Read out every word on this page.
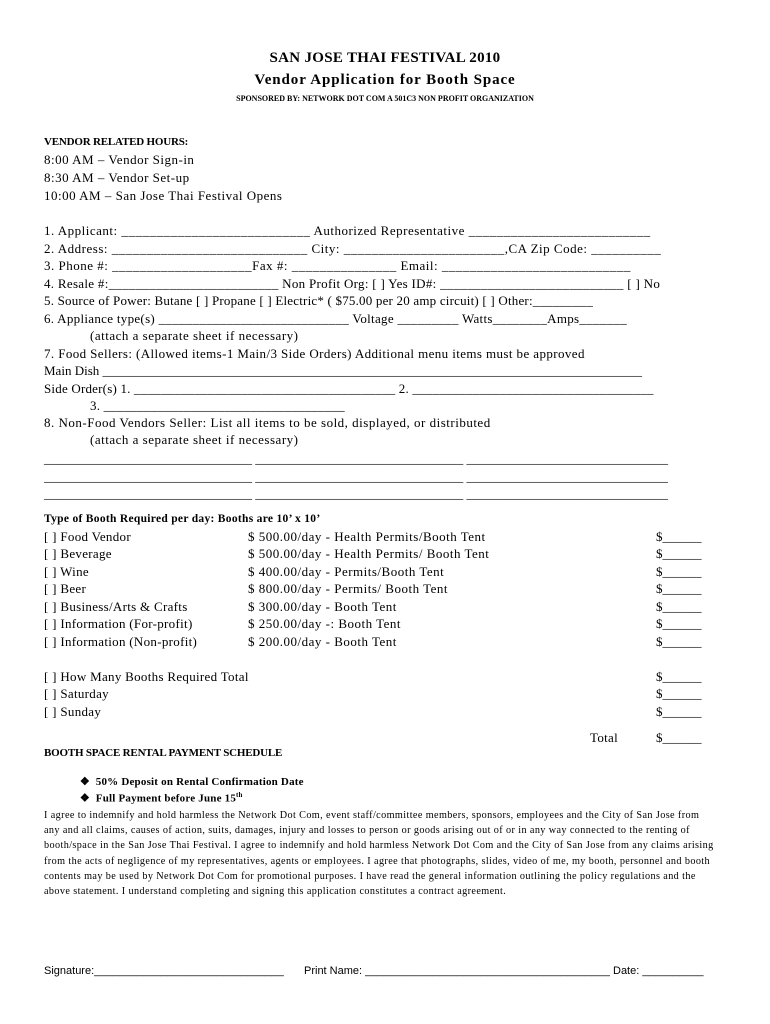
SAN JOSE THAI FESTIVAL 2010
Vendor Application for Booth Space
SPONSORED BY: NETWORK DOT COM A 501C3 NON PROFIT ORGANIZATION
VENDOR RELATED HOURS:
8:00 AM – Vendor Sign-in
8:30 AM – Vendor Set-up
10:00 AM – San Jose Thai Festival Opens
1. Applicant: ___________________________ Authorized Representative __________________________
2. Address: ____________________________ City: _______________________,CA Zip Code: __________
3. Phone #: ____________________Fax #: _______________ Email: ___________________________
4. Resale #:_________________________ Non Profit Org: [ ] Yes ID#: ___________________________ [ ] No
5. Source of Power: Butane [ ] Propane [ ] Electric* ( $75.00 per 20 amp circuit) [ ] Other:_________
6. Appliance type(s) ____________________________ Voltage _________ Watts________Amps_______
(attach a separate sheet if necessary)
7. Food Sellers: (Allowed items-1 Main/3 Side Orders) Additional menu items must be approved
Main Dish ___________________________________________________________________________________
Side Order(s) 1. _______________________________________ 2. ____________________________________
3. ____________________________________
8. Non-Food Vendors Seller: List all items to be sold, displayed, or distributed
(attach a separate sheet if necessary)
________________________________ ________________________________ _______________________________
________________________________ ________________________________ _______________________________
________________________________ ________________________________ _______________________________
Type of Booth Required per day: Booths are 10’ x 10’
[ ] Food Vendor	$ 500.00/day - Health Permits/Booth Tent	$______
[ ] Beverage	$ 500.00/day - Health Permits/ Booth Tent	$______
[ ] Wine	$ 400.00/day - Permits/Booth Tent	$______
[ ] Beer	$ 800.00/day - Permits/ Booth Tent	$______
[ ] Business/Arts & Crafts	$ 300.00/day - Booth Tent	$______
[ ] Information (For-profit)	$ 250.00/day -: Booth Tent	$______
[ ] Information (Non-profit)	$ 200.00/day - Booth Tent	$______
[ ] How Many Booths Required Total	$______
[ ] Saturday	$______
[ ] Sunday	$______
Total	$______
BOOTH SPACE RENTAL PAYMENT SCHEDULE

❖ 50% Deposit on Rental Confirmation Date

❖ Full Payment before June 15th

I agree to indemnify and hold harmless the Network Dot Com, event staff/committee members, sponsors, employees and the City of San Jose from any and all claims, causes of action, suits, damages, injury and losses to person or goods arising out of or in any way connected to the renting of booth/space in the San Jose Thai Festival. I agree to indemnify and hold harmless Network Dot Com and the City of San Jose from any claims arising from the acts of negligence of my representatives, agents or employees. I agree that photographs, slides, video of me, my booth, personnel and booth contents may be used by Network Dot Com for promotional purposes. I have read the general information outlining the policy regulations and the above statement. I understand completing and signing this application constitutes a contract agreement.
Signature:_______________________________ Print Name: ________________________________________ Date: __________
